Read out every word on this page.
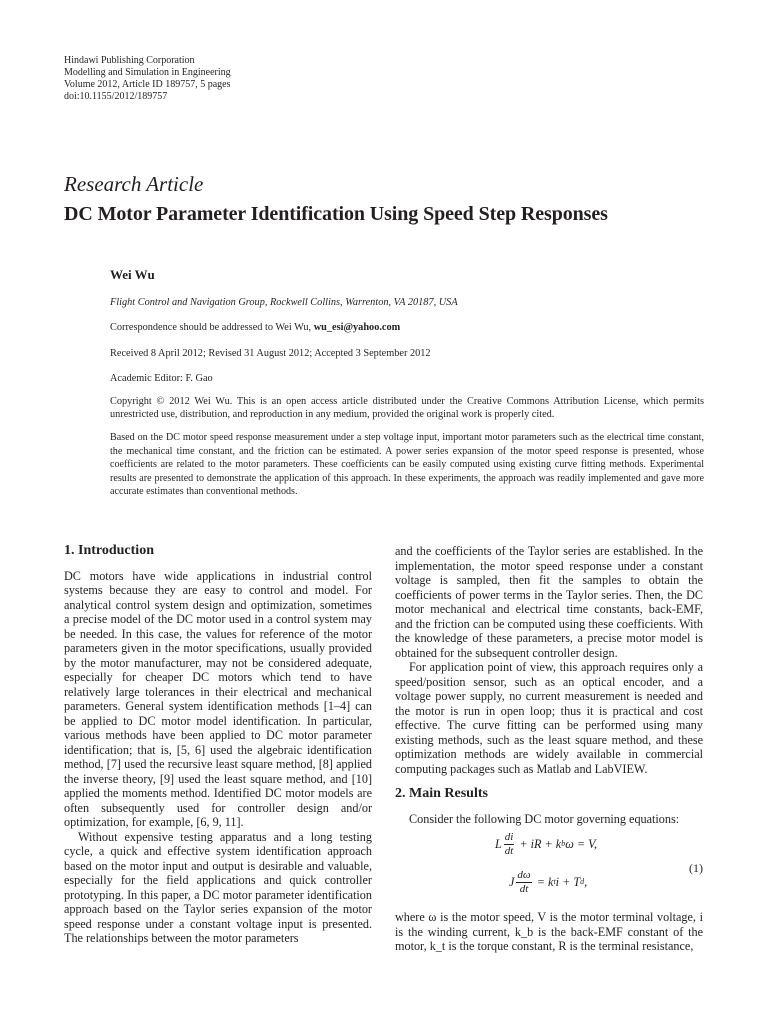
Hindawi Publishing Corporation
Modelling and Simulation in Engineering
Volume 2012, Article ID 189757, 5 pages
doi:10.1155/2012/189757
Research Article
DC Motor Parameter Identification Using Speed Step Responses
Wei Wu
Flight Control and Navigation Group, Rockwell Collins, Warrenton, VA 20187, USA
Correspondence should be addressed to Wei Wu, wu_esi@yahoo.com
Received 8 April 2012; Revised 31 August 2012; Accepted 3 September 2012
Academic Editor: F. Gao
Copyright © 2012 Wei Wu. This is an open access article distributed under the Creative Commons Attribution License, which permits unrestricted use, distribution, and reproduction in any medium, provided the original work is properly cited.
Based on the DC motor speed response measurement under a step voltage input, important motor parameters such as the electrical time constant, the mechanical time constant, and the friction can be estimated. A power series expansion of the motor speed response is presented, whose coefficients are related to the motor parameters. These coefficients can be easily computed using existing curve fitting methods. Experimental results are presented to demonstrate the application of this approach. In these experiments, the approach was readily implemented and gave more accurate estimates than conventional methods.
1. Introduction

DC motors have wide applications in industrial control systems because they are easy to control and model. For analytical control system design and optimization, sometimes a precise model of the DC motor used in a control system may be needed. In this case, the values for reference of the motor parameters given in the motor specifications, usually provided by the motor manufacturer, may not be considered adequate, especially for cheaper DC motors which tend to have relatively large tolerances in their electrical and mechanical parameters. General system identification methods [1–4] can be applied to DC motor model identification. In particular, various methods have been applied to DC motor parameter identification; that is, [5, 6] used the algebraic identification method, [7] used the recursive least square method, [8] applied the inverse theory, [9] used the least square method, and [10] applied the moments method. Identified DC motor models are often subsequently used for controller design and/or optimization, for example, [6, 9, 11].

Without expensive testing apparatus and a long testing cycle, a quick and effective system identification approach based on the motor input and output is desirable and valuable, especially for the field applications and quick controller prototyping. In this paper, a DC motor parameter identification approach based on the Taylor series expansion of the motor speed response under a constant voltage input is presented. The relationships between the motor parameters

and the coefficients of the Taylor series are established. In the implementation, the motor speed response under a constant voltage is sampled, then fit the samples to obtain the coefficients of power terms in the Taylor series. Then, the DC motor mechanical and electrical time constants, back-EMF, and the friction can be computed using these coefficients. With the knowledge of these parameters, a precise motor model is obtained for the subsequent controller design.

For application point of view, this approach requires only a speed/position sensor, such as an optical encoder, and a voltage power supply, no current measurement is needed and the motor is run in open loop; thus it is practical and cost effective. The curve fitting can be performed using many existing methods, such as the least square method, and these optimization methods are widely available in commercial computing packages such as Matlab and LabVIEW.

2. Main Results

Consider the following DC motor governing equations:

L $\frac{di}{dt}$ + iR + k b ω = V,
J $\frac{d\omega}{dt} = k$ t i + T d ,
(1)

where ω is the motor speed, V is the motor terminal voltage, i is the winding current, k_b is the back-EMF constant of the motor, k_t is the torque constant, R is the terminal resistance,
